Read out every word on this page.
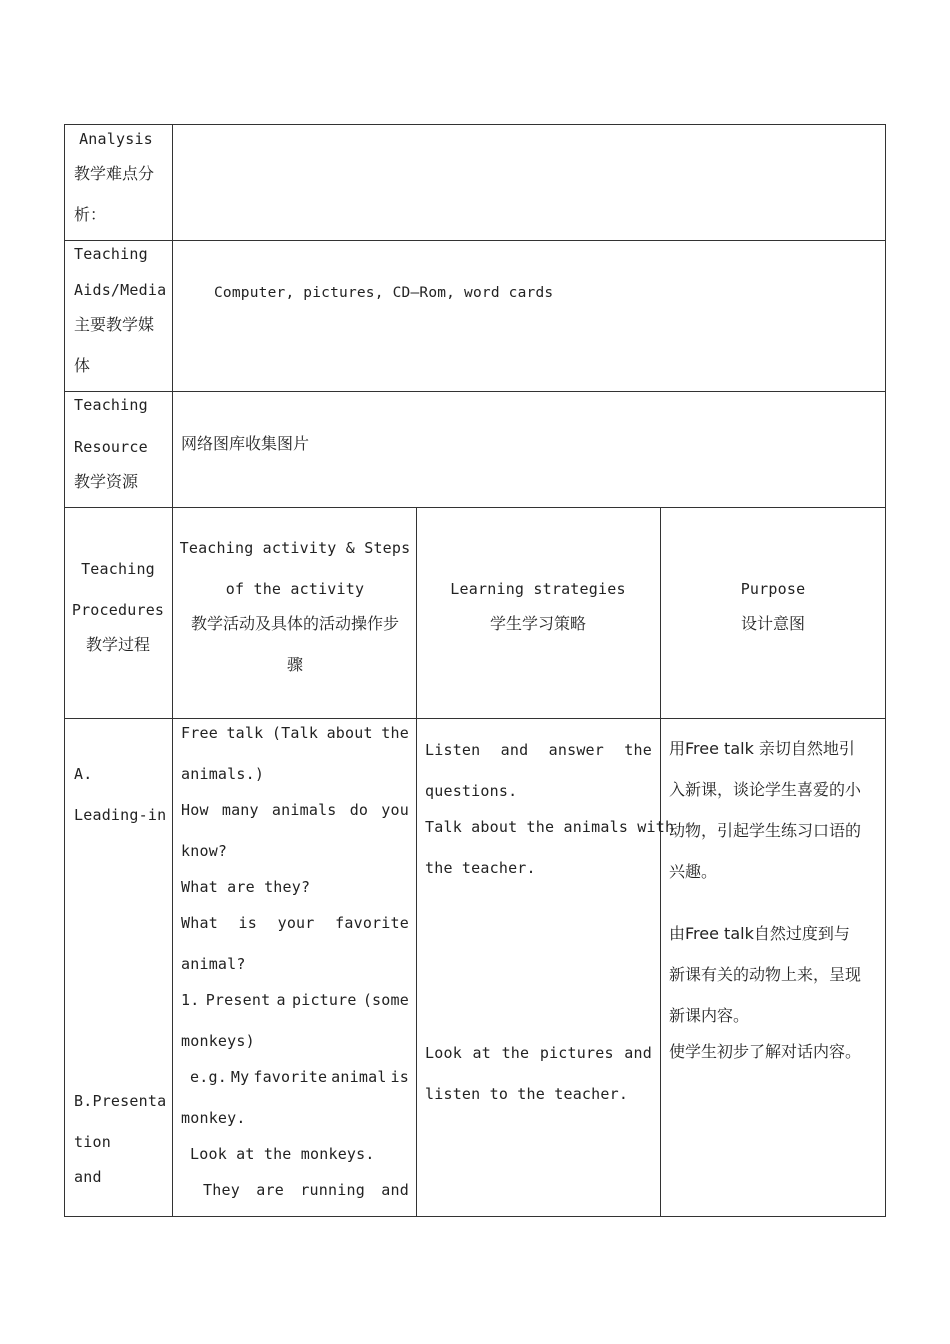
Analysis
教学难点分
析：
Teaching
Aids/Media
主要教学媒
体
Computer, pictures, CD—Rom, word cards
Teaching
Resource
教学资源
网络图库收集图片
Teaching
Procedures
教学过程
Teaching activity & Steps
of the activity
教学活动及具体的活动操作步
骤
Learning strategies
学生学习策略
Purpose
设计意图
A.
Leading-in
B.Presenta
tion
and
Free talk (Talk about the
animals.)
How many animals do you
know?
What are they?
What is your favorite
animal?
1. Present a picture (some
monkeys)
e.g. My favorite animal is
monkey.
Look at the monkeys.
They are running and
Listen and answer the
questions.
Talk about the animals with
the teacher.
Look at the pictures and
listen to the teacher.
用Free talk 亲切自然地引
入新课，谈论学生喜爱的小
动物，引起学生练习口语的
兴趣。
由Free talk自然过度到与
新课有关的动物上来，呈现
新课内容。
使学生初步了解对话内容。
